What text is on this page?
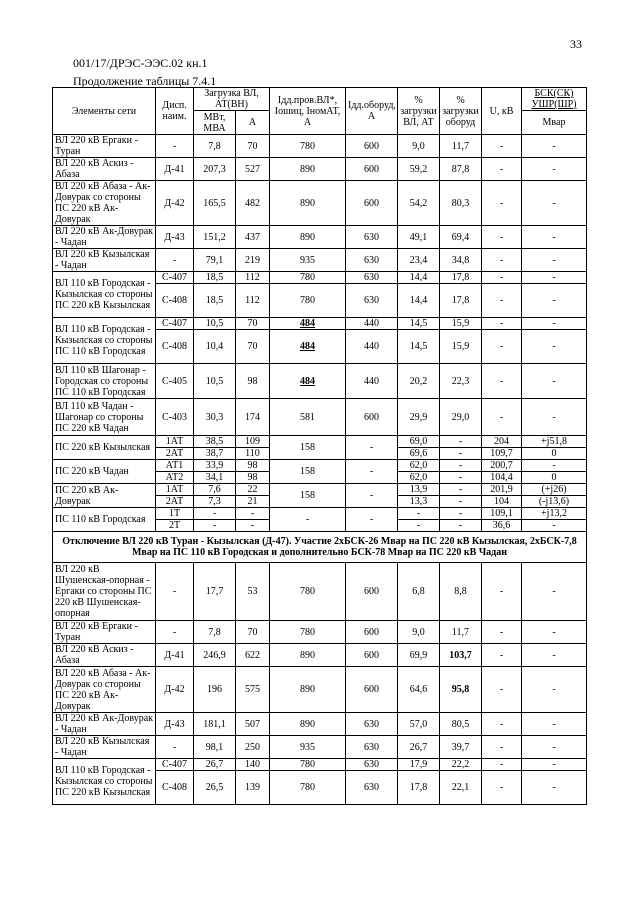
33
001/17/ДРЭС-ЭЭС.02 кн.1
Продолжение таблицы 7.4.1
Элементы сети	Дисп. наим.	Загрузка ВЛ, АТ(ВН)		Iдд.пров.ВЛ*, Iошиц, IномАТ, А	Iдд.оборуд, А	% загрузки ВЛ, АТ	% загрузки оборуд	U, кВ	БСК(СК) УШР(ШР)
		МВт, МВА	А						Мвар
ВЛ 220 кВ Ергаки - Туран	-	7,8	70	780	600	9,0	11,7	-	-
ВЛ 220 кВ Аскиз - Абаза	Д-41	207,3	527	890	600	59,2	87,8	-	-
ВЛ 220 кВ Абаза - Ак-Довурак со стороны ПС 220 кВ Ак-Довурак	Д-42	165,5	482	890	600	54,2	80,3	-	-
ВЛ 220 кВ Ак-Довурак - Чадан	Д-43	151,2	437	890	630	49,1	69,4	-	-
ВЛ 220 кВ Кызылская - Чадан	-	79,1	219	935	630	23,4	34,8	-	-
ВЛ 110 кВ Городская - Кызылская со стороны ПС 220 кВ Кызылская	С-407	18,5	112	780	630	14,4	17,8	-	-
	С-408	18,5	112	780	630	14,4	17,8	-	-
ВЛ 110 кВ Городская - Кызылская со стороны ПС 110 кВ Городская	С-407	10,5	70	484	440	14,5	15,9	-	-
	С-408	10,4	70	484	440	14,5	15,9	-	-
ВЛ 110 кВ Шагонар - Городская со стороны ПС 110 кВ Городская	С-405	10,5	98	484	440	20,2	22,3	-	-
ВЛ 110 кВ Чадан - Шагонар со стороны ПС 220 кВ Чадан	С-403	30,3	174	581	600	29,9	29,0	-	-
ПС 220 кВ Кызылская	1АТ	38,5	109	158	-	69,0	-	204	+j51,8
	2АТ	38,7	110			69,6	-	109,7	0
ПС 220 кВ Чадан	АТ1	33,9	98	158	-	62,0	-	200,7	-
	АТ2	34,1	98			62,0	-	104,4	0
ПС 220 кВ Ак-Довурак	1АТ	7,6	22	158	-	13,9	-	201,9	(+j26)
	2АТ	7,3	21			13,3	-	104	(-j13,6)
ПС 110 кВ Городская	1Т	-	-	-	-	-	-	109,1	+j13,2
	2Т	-	-			-	-	36,6	-
Отключение ВЛ 220 кВ Туран - Кызылская (Д-47). Участие 2хБСК-26 Мвар на ПС 220 кВ Кызылская, 2хБСК-7,8 Мвар на ПС 110 кВ Городская и дополнительно БСК-78 Мвар на ПС 220 кВ Чадан									
ВЛ 220 кВ Шушенская-опорная - Ергаки со стороны ПС 220 кВ Шушенская-опорная	-	17,7	53	780	600	6,8	8,8	-	-
ВЛ 220 кВ Ергаки - Туран	-	7,8	70	780	600	9,0	11,7	-	-
ВЛ 220 кВ Аскиз - Абаза	Д-41	246,9	622	890	600	69,9	103,7	-	-
ВЛ 220 кВ Абаза - Ак-Довурак со стороны ПС 220 кВ Ак-Довурак	Д-42	196	575	890	600	64,6	95,8	-	-
ВЛ 220 кВ Ак-Довурак - Чадан	Д-43	181,1	507	890	630	57,0	80,5	-	-
ВЛ 220 кВ Кызылская - Чадан	-	98,1	250	935	630	26,7	39,7	-	-
ВЛ 110 кВ Городская - Кызылская со стороны ПС 220 кВ Кызылская	С-407	26,7	140	780	630	17,9	22,2	-	-
	С-408	26,5	139	780	630	17,8	22,1	-	-
